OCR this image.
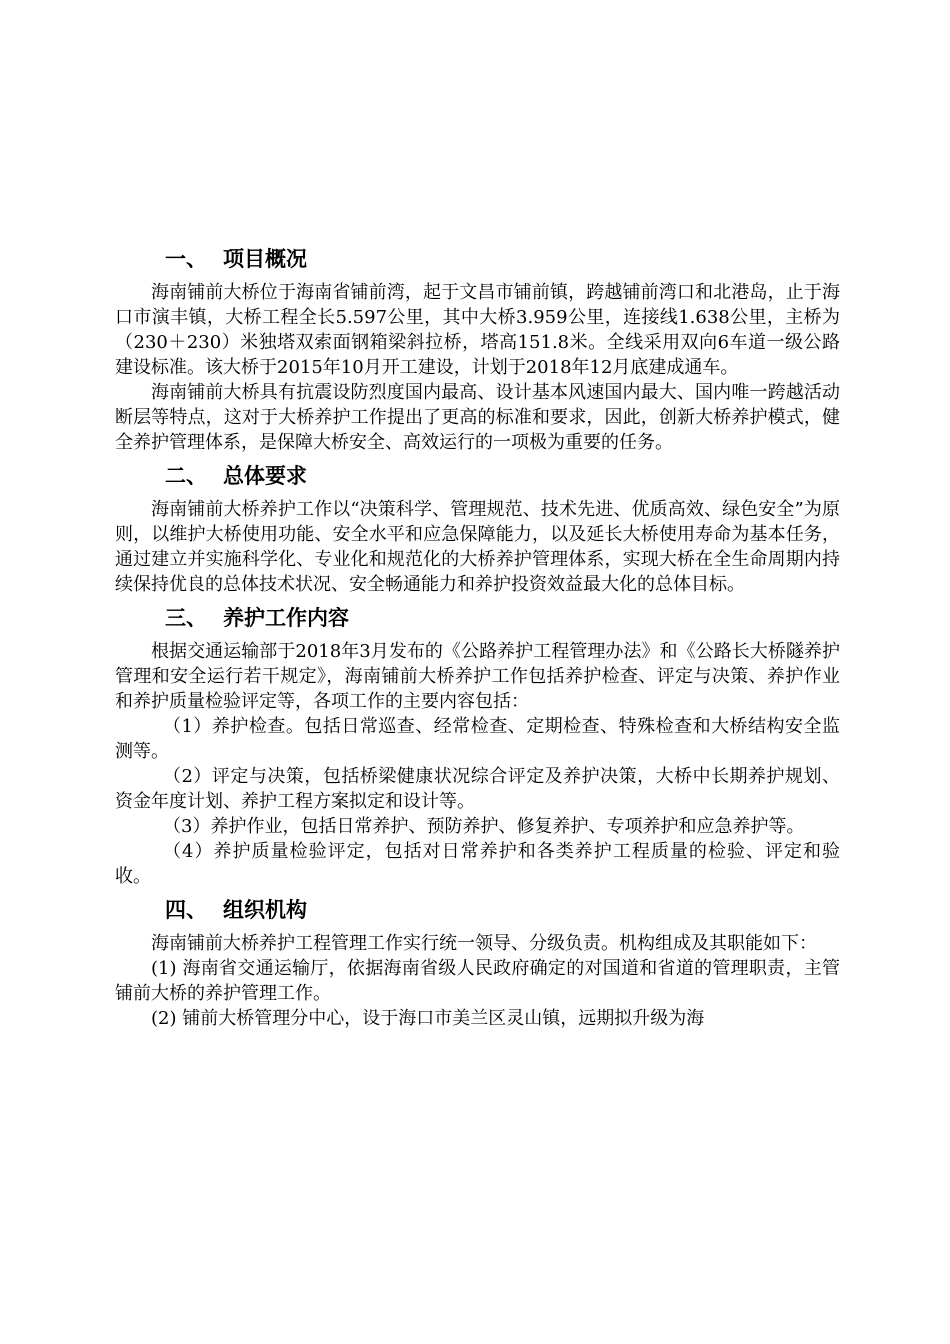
一、 项目概况

海南铺前大桥位于海南省铺前湾，起于文昌市铺前镇，跨越铺前湾口和北港岛，止于海口市演丰镇，大桥工程全长5.597公里，其中大桥3.959公里，连接线1.638公里，主桥为（230＋230）米独塔双索面钢箱梁斜拉桥，塔高151.8米。全线采用双向6车道一级公路建设标准。该大桥于2015年10月开工建设，计划于2018年12月底建成通车。

海南铺前大桥具有抗震设防烈度国内最高、设计基本风速国内最大、国内唯一跨越活动断层等特点，这对于大桥养护工作提出了更高的标准和要求，因此，创新大桥养护模式，健全养护管理体系，是保障大桥安全、高效运行的一项极为重要的任务。

二、 总体要求

海南铺前大桥养护工作以“决策科学、管理规范、技术先进、优质高效、绿色安全”为原则，以维护大桥使用功能、安全水平和应急保障能力，以及延长大桥使用寿命为基本任务，通过建立并实施科学化、专业化和规范化的大桥养护管理体系，实现大桥在全生命周期内持续保持优良的总体技术状况、安全畅通能力和养护投资效益最大化的总体目标。

三、 养护工作内容

根据交通运输部于2018年3月发布的《公路养护工程管理办法》和《公路长大桥隧养护管理和安全运行若干规定》，海南铺前大桥养护工作包括养护检查、评定与决策、养护作业和养护质量检验评定等，各项工作的主要内容包括：

（1）养护检查。包括日常巡查、经常检查、定期检查、特殊检查和大桥结构安全监测等。

（2）评定与决策，包括桥梁健康状况综合评定及养护决策，大桥中长期养护规划、资金年度计划、养护工程方案拟定和设计等。

（3）养护作业，包括日常养护、预防养护、修复养护、专项养护和应急养护等。

（4）养护质量检验评定，包括对日常养护和各类养护工程质量的检验、评定和验收。

四、 组织机构

海南铺前大桥养护工程管理工作实行统一领导、分级负责。机构组成及其职能如下：

(1) 海南省交通运输厅，依据海南省级人民政府确定的对国道和省道的管理职责，主管铺前大桥的养护管理工作。

(2) 铺前大桥管理分中心，设于海口市美兰区灵山镇，远期拟升级为海
